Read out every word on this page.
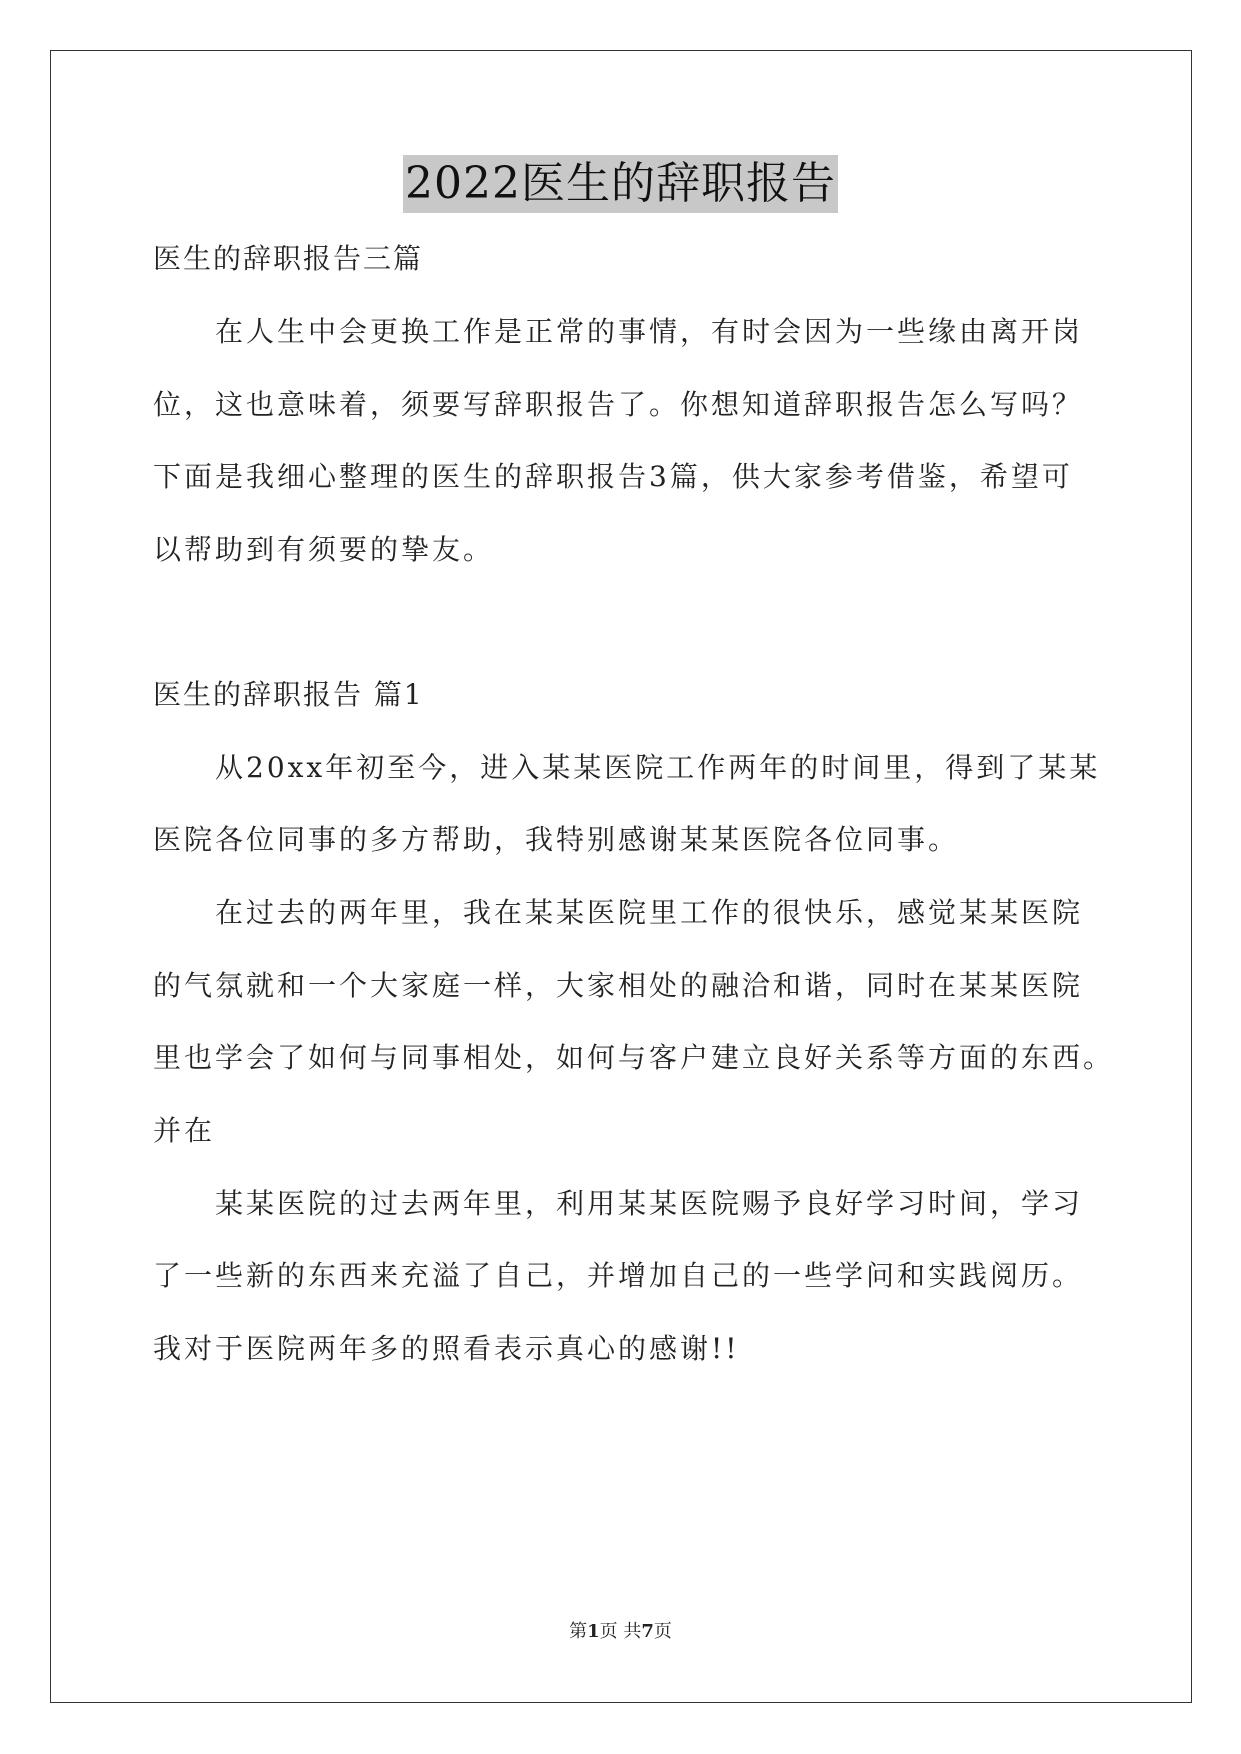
2022医生的辞职报告
医生的辞职报告三篇
在人生中会更换工作是正常的事情，有时会因为一些缘由离开岗
位，这也意味着，须要写辞职报告了。你想知道辞职报告怎么写吗？
下面是我细心整理的医生的辞职报告3篇，供大家参考借鉴，希望可
以帮助到有须要的挚友。
医生的辞职报告 篇1
从20xx年初至今，进入某某医院工作两年的时间里，得到了某某
医院各位同事的多方帮助，我特别感谢某某医院各位同事。
在过去的两年里，我在某某医院里工作的很快乐，感觉某某医院
的气氛就和一个大家庭一样，大家相处的融洽和谐，同时在某某医院
里也学会了如何与同事相处，如何与客户建立良好关系等方面的东西。
并在
某某医院的过去两年里，利用某某医院赐予良好学习时间，学习
了一些新的东西来充溢了自己，并增加自己的一些学问和实践阅历。
我对于医院两年多的照看表示真心的感谢!!
第1页 共7页
